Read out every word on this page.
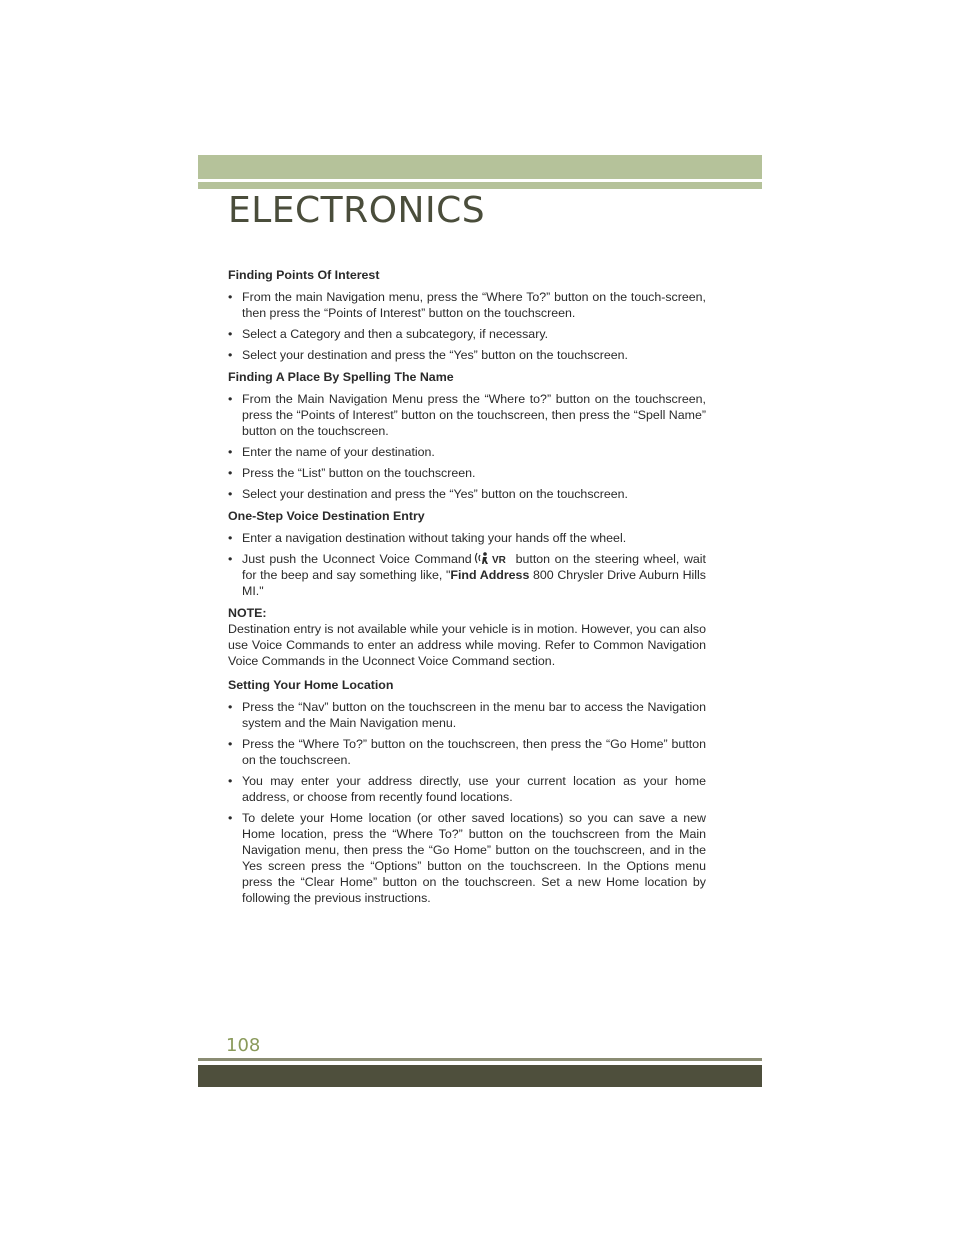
ELECTRONICS
Finding Points Of Interest
• From the main Navigation menu, press the “Where To?” button on the touch-screen, then press the “Points of Interest” button on the touchscreen.
• Select a Category and then a subcategory, if necessary.
• Select your destination and press the “Yes” button on the touchscreen.
Finding A Place By Spelling The Name
• From the Main Navigation Menu press the “Where to?” button on the touchscreen, press the “Points of Interest” button on the touchscreen, then press the “Spell Name” button on the touchscreen.
• Enter the name of your destination.
• Press the “List” button on the touchscreen.
• Select your destination and press the “Yes” button on the touchscreen.
One-Step Voice Destination Entry
• Enter a navigation destination without taking your hands off the wheel.
• Just push the Uconnect Voice Command VR button on the steering wheel, wait for the beep and say something like, "Find Address 800 Chrysler Drive Auburn Hills MI."

NOTE:

Destination entry is not available while your vehicle is in motion. However, you can also use Voice Commands to enter an address while moving. Refer to Common Navigation Voice Commands in the Uconnect Voice Command section.

Setting Your Home Location
• Press the “Nav” button on the touchscreen in the menu bar to access the Navigation system and the Main Navigation menu.
• Press the “Where To?” button on the touchscreen, then press the “Go Home” button on the touchscreen.
• You may enter your address directly, use your current location as your home address, or choose from recently found locations.
• To delete your Home location (or other saved locations) so you can save a new Home location, press the “Where To?” button on the touchscreen from the Main Navigation menu, then press the “Go Home” button on the touchscreen, and in the Yes screen press the “Options” button on the touchscreen. In the Options menu press the “Clear Home” button on the touchscreen. Set a new Home location by following the previous instructions.
108
